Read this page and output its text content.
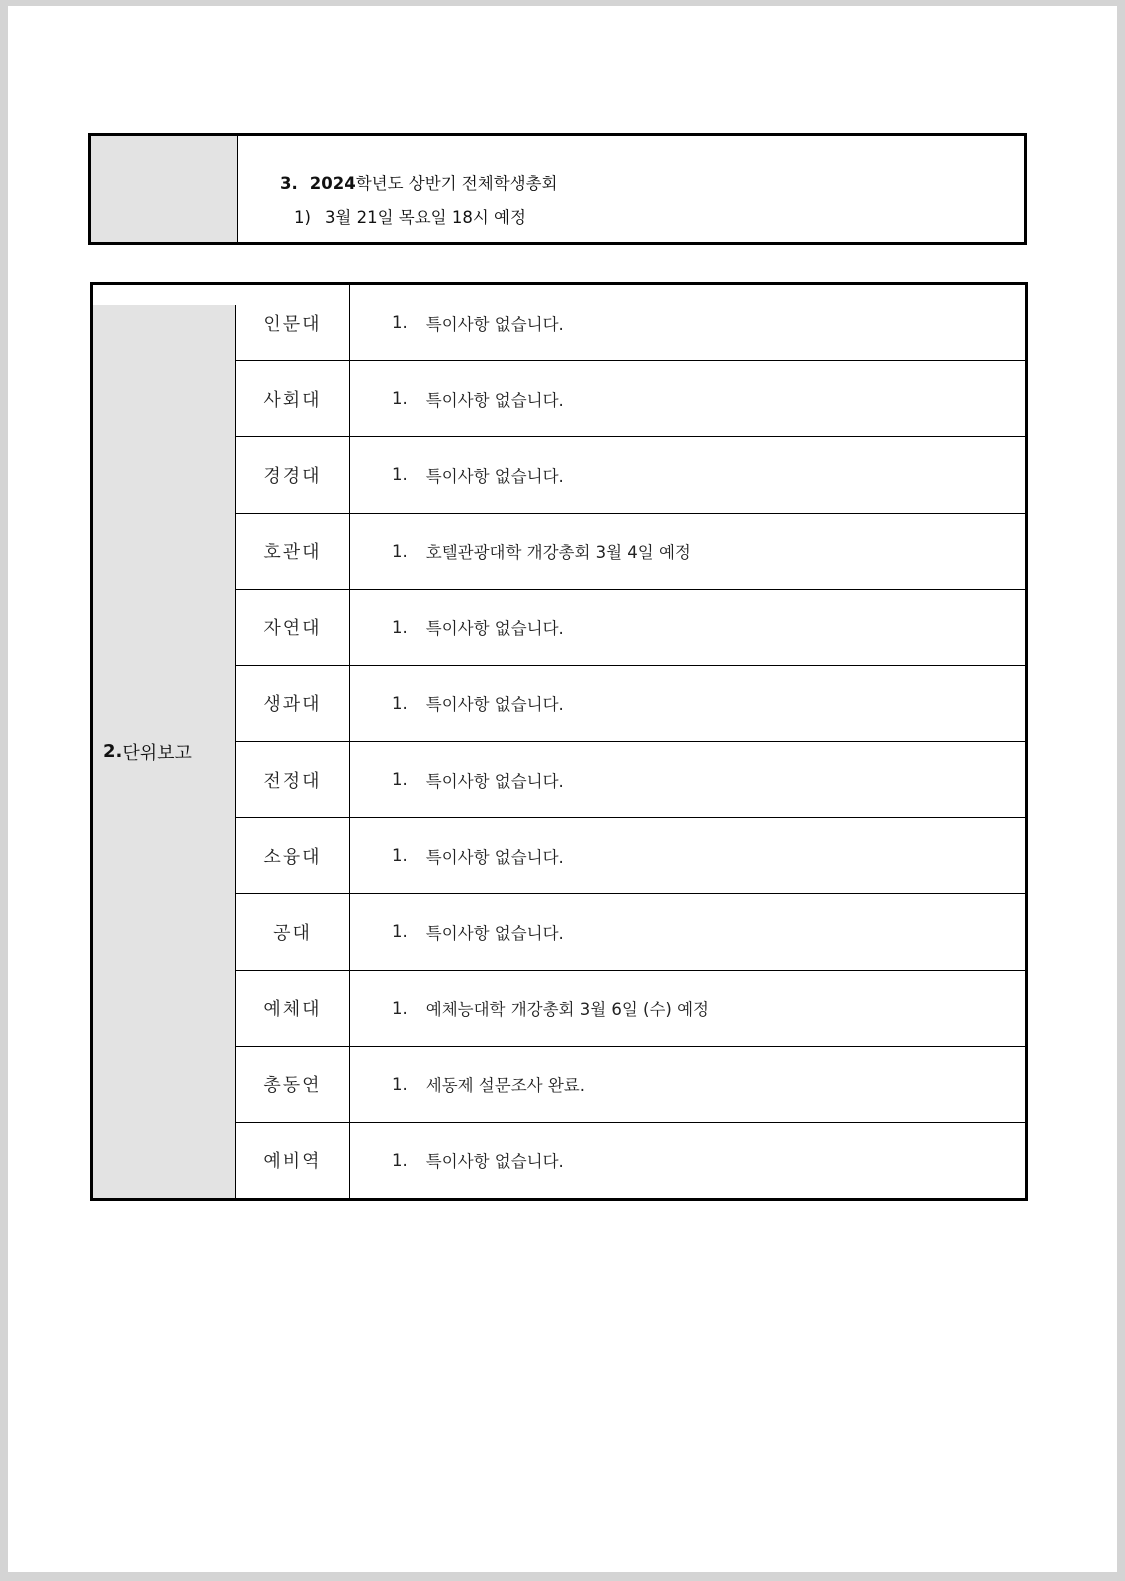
3. 2024학년도 상반기 전체학생총회
1) 3월 21일 목요일 18시 예정
2. 단위보고
인문대	1. 특이사항 없습니다.
사회대	1. 특이사항 없습니다.
경경대	1. 특이사항 없습니다.
호관대	1. 호텔관광대학 개강총회 3월 4일 예정
자연대	1. 특이사항 없습니다.
생과대	1. 특이사항 없습니다.
전정대	1. 특이사항 없습니다.
소융대	1. 특이사항 없습니다.
공대	1. 특이사항 없습니다.
예체대	1. 예체능대학 개강총회 3월 6일 (수) 예정
총동연	1. 세동제 설문조사 완료.
예비역	1. 특이사항 없습니다.
